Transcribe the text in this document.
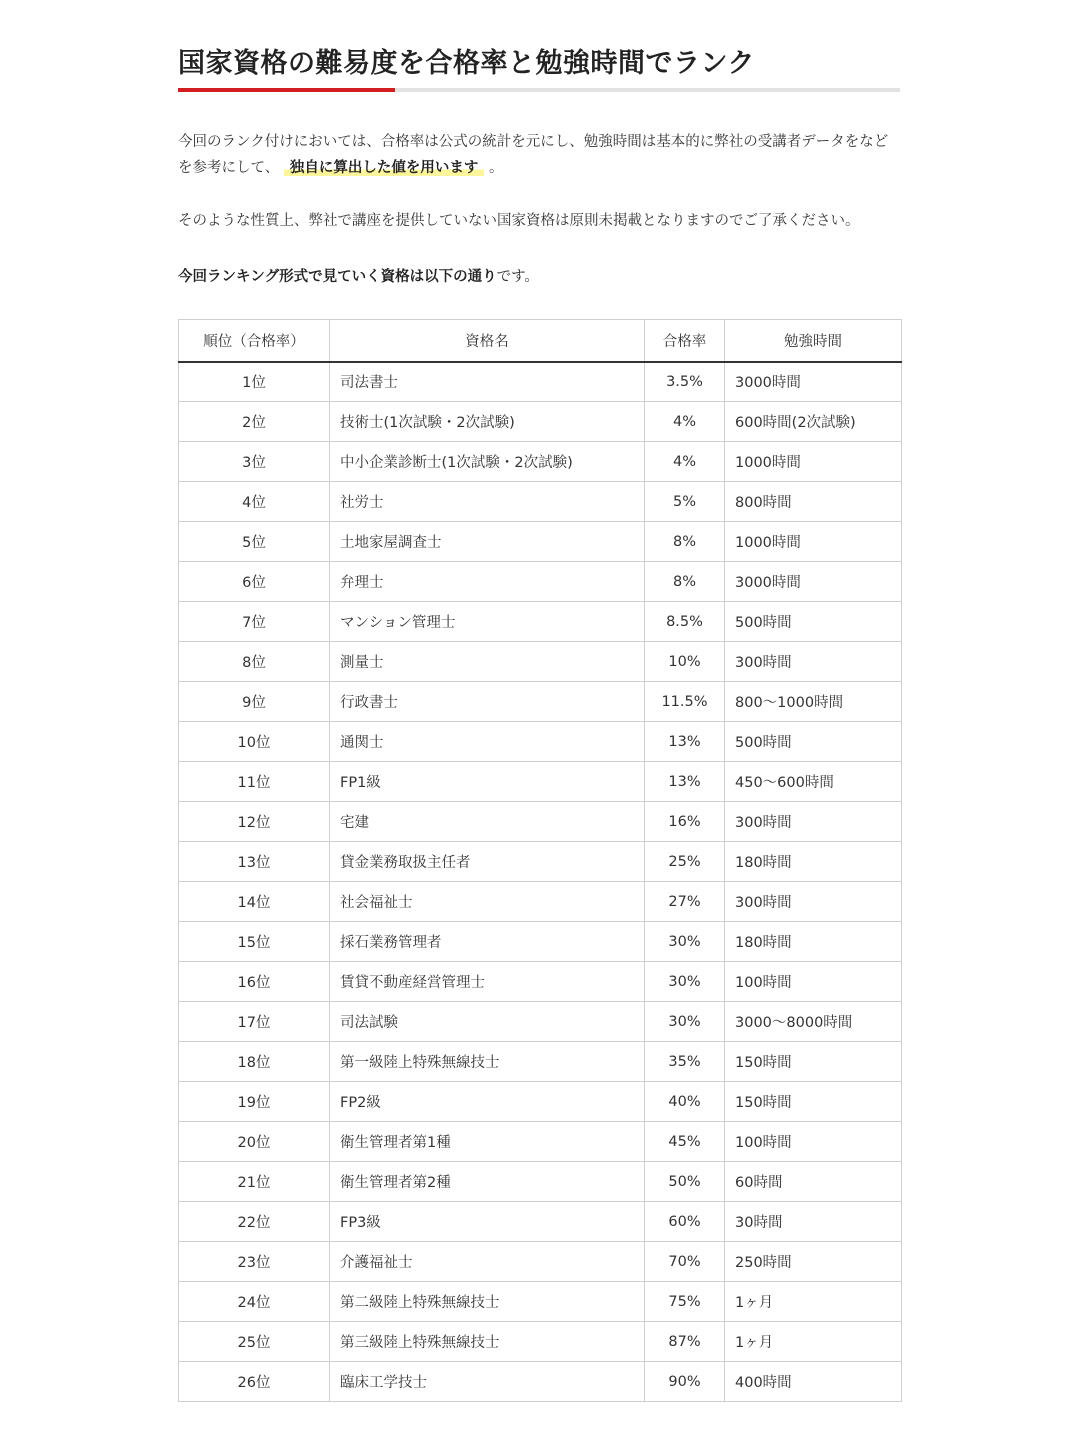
国家資格の難易度を合格率と勉強時間でランク

今回のランク付けにおいては、合格率は公式の統計を元にし、勉強時間は基本的に弊社の受講者データをなどを参考にして、 独自に算出した値を用います 。

そのような性質上、弊社で講座を提供していない国家資格は原則未掲載となりますのでご了承ください。

今回ランキング形式で見ていく資格は以下の通りです。

順位（合格率）	資格名	合格率	勉強時間
1位	司法書士	3.5%	3000時間
2位	技術士(1次試験・2次試験)	4%	600時間(2次試験)
3位	中小企業診断士(1次試験・2次試験)	4%	1000時間
4位	社労士	5%	800時間
5位	土地家屋調査士	8%	1000時間
6位	弁理士	8%	3000時間
7位	マンション管理士	8.5%	500時間
8位	測量士	10%	300時間
9位	行政書士	11.5%	800〜1000時間
10位	通関士	13%	500時間
11位	FP1級	13%	450〜600時間
12位	宅建	16%	300時間
13位	貸金業務取扱主任者	25%	180時間
14位	社会福祉士	27%	300時間
15位	採石業務管理者	30%	180時間
16位	賃貸不動産経営管理士	30%	100時間
17位	司法試験	30%	3000〜8000時間
18位	第一級陸上特殊無線技士	35%	150時間
19位	FP2級	40%	150時間
20位	衛生管理者第1種	45%	100時間
21位	衛生管理者第2種	50%	60時間
22位	FP3級	60%	30時間
23位	介護福祉士	70%	250時間
24位	第二級陸上特殊無線技士	75%	1ヶ月
25位	第三級陸上特殊無線技士	87%	1ヶ月
26位	臨床工学技士	90%	400時間
